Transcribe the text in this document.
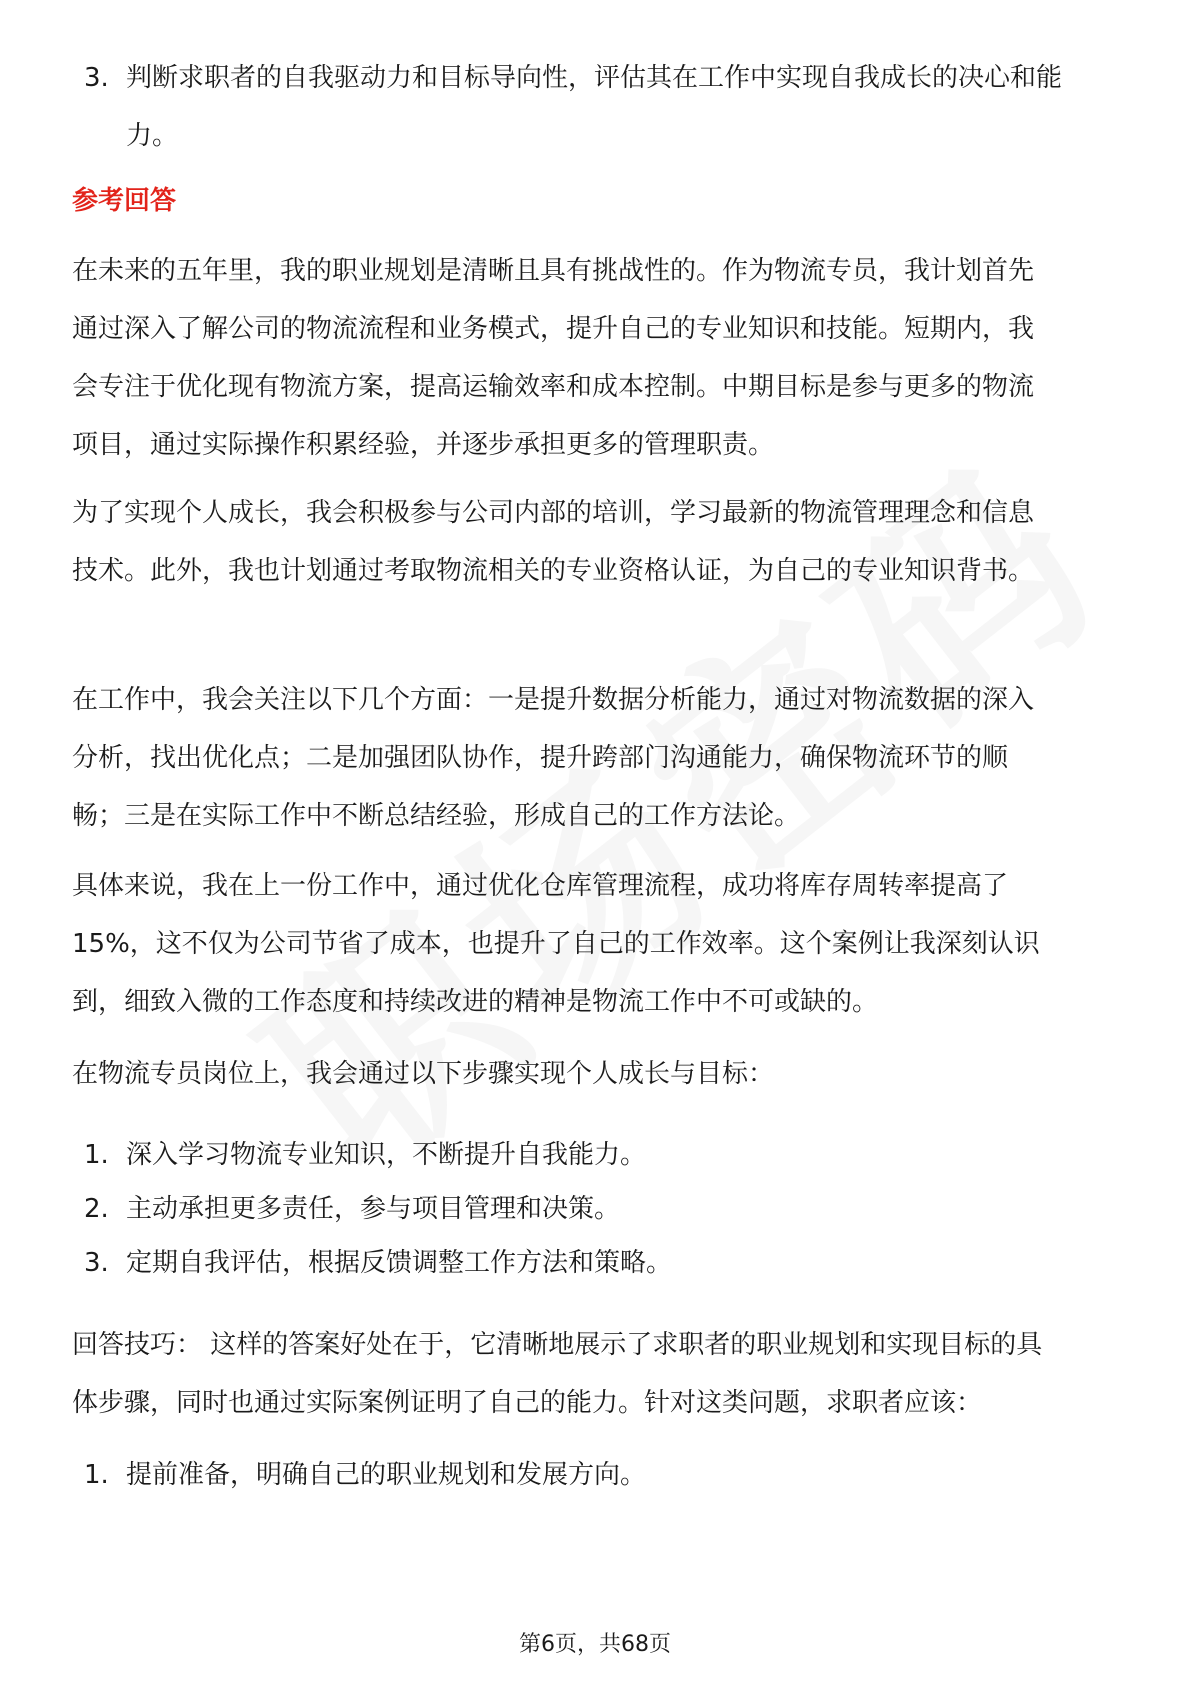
3. 判断求职者的自我驱动力和目标导向性，评估其在工作中实现自我成长的决心和能力。
参考回答

在未来的五年里，我的职业规划是清晰且具有挑战性的。作为物流专员，我计划首先通过深入了解公司的物流流程和业务模式，提升自己的专业知识和技能。短期内，我会专注于优化现有物流方案，提高运输效率和成本控制。中期目标是参与更多的物流项目，通过实际操作积累经验，并逐步承担更多的管理职责。

为了实现个人成长，我会积极参与公司内部的培训，学习最新的物流管理理念和信息技术。此外，我也计划通过考取物流相关的专业资格认证，为自己的专业知识背书。

在工作中，我会关注以下几个方面：一是提升数据分析能力，通过对物流数据的深入分析，找出优化点；二是加强团队协作，提升跨部门沟通能力，确保物流环节的顺畅；三是在实际工作中不断总结经验，形成自己的工作方法论。

具体来说，我在上一份工作中，通过优化仓库管理流程，成功将库存周转率提高了15%，这不仅为公司节省了成本，也提升了自己的工作效率。这个案例让我深刻认识到，细致入微的工作态度和持续改进的精神是物流工作中不可或缺的。

在物流专员岗位上，我会通过以下步骤实现个人成长与目标：

1. 深入学习物流专业知识，不断提升自我能力。
2. 主动承担更多责任，参与项目管理和决策。
3. 定期自我评估，根据反馈调整工作方法和策略。

回答技巧： 这样的答案好处在于，它清晰地展示了求职者的职业规划和实现目标的具体步骤，同时也通过实际案例证明了自己的能力。针对这类问题，求职者应该：

1. 提前准备，明确自己的职业规划和发展方向。
第6页，共68页
